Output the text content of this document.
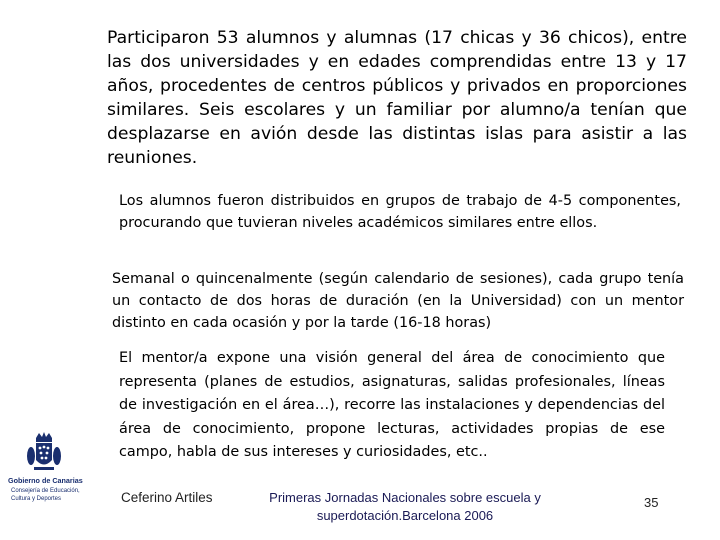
Participaron 53 alumnos y alumnas (17 chicas y 36 chicos), entre las dos universidades y en edades comprendidas entre 13 y 17 años, procedentes de centros públicos y privados en proporciones similares. Seis escolares y un familiar por alumno/a tenían que desplazarse en avión desde las distintas islas para asistir a las reuniones.
Los alumnos fueron distribuidos en grupos de trabajo de 4-5 componentes, procurando que tuvieran niveles académicos similares entre ellos.
Semanal o quincenalmente (según calendario de sesiones), cada grupo tenía un contacto de dos horas de duración (en la Universidad) con un mentor distinto en cada ocasión y por la tarde (16-18 horas)
El mentor/a expone una visión general del área de conocimiento que representa (planes de estudios, asignaturas, salidas profesionales, líneas de investigación en el área…), recorre las instalaciones y dependencias del área de conocimiento, propone lecturas, actividades propias de ese campo, habla de sus intereses y curiosidades, etc..
Gobierno de Canarias
Consejería de Educación, Cultura y Deportes	Ceferino Artiles	Primeras Jornadas Nacionales sobre escuela y superdotación.Barcelona 2006
35
